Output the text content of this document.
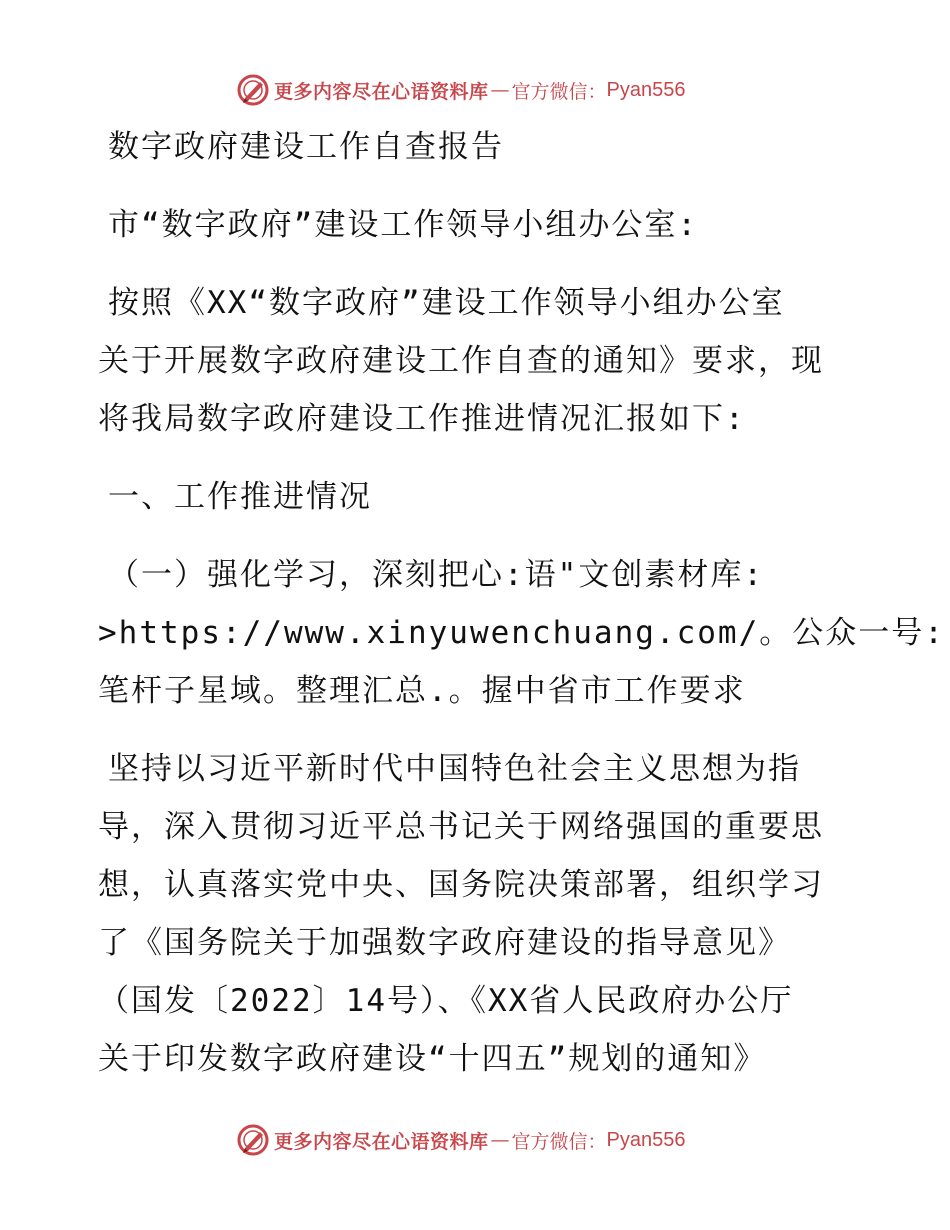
更多内容尽在心语资料库 — 官方微信： Pyan556
数字政府建设工作自查报告
市“数字政府”建设工作领导小组办公室:
按照《XX“数字政府”建设工作领导小组办公室
关于开展数字政府建设工作自查的通知》要求，现
将我局数字政府建设工作推进情况汇报如下:
一、工作推进情况
（一）强化学习，深刻把心:语"文创素材库:
>https://www.xinyuwenchuang.com/。公众一号:
笔杆子星域。整理汇总.。握中省市工作要求
坚持以习近平新时代中国特色社会主义思想为指
导，深入贯彻习近平总书记关于网络强国的重要思
想，认真落实党中央、国务院决策部署，组织学习
了《国务院关于加强数字政府建设的指导意见》
（国发〔2022〕14号）、《XX省人民政府办公厅
关于印发数字政府建设“十四五”规划的通知》
更多内容尽在心语资料库 — 官方微信： Pyan556
